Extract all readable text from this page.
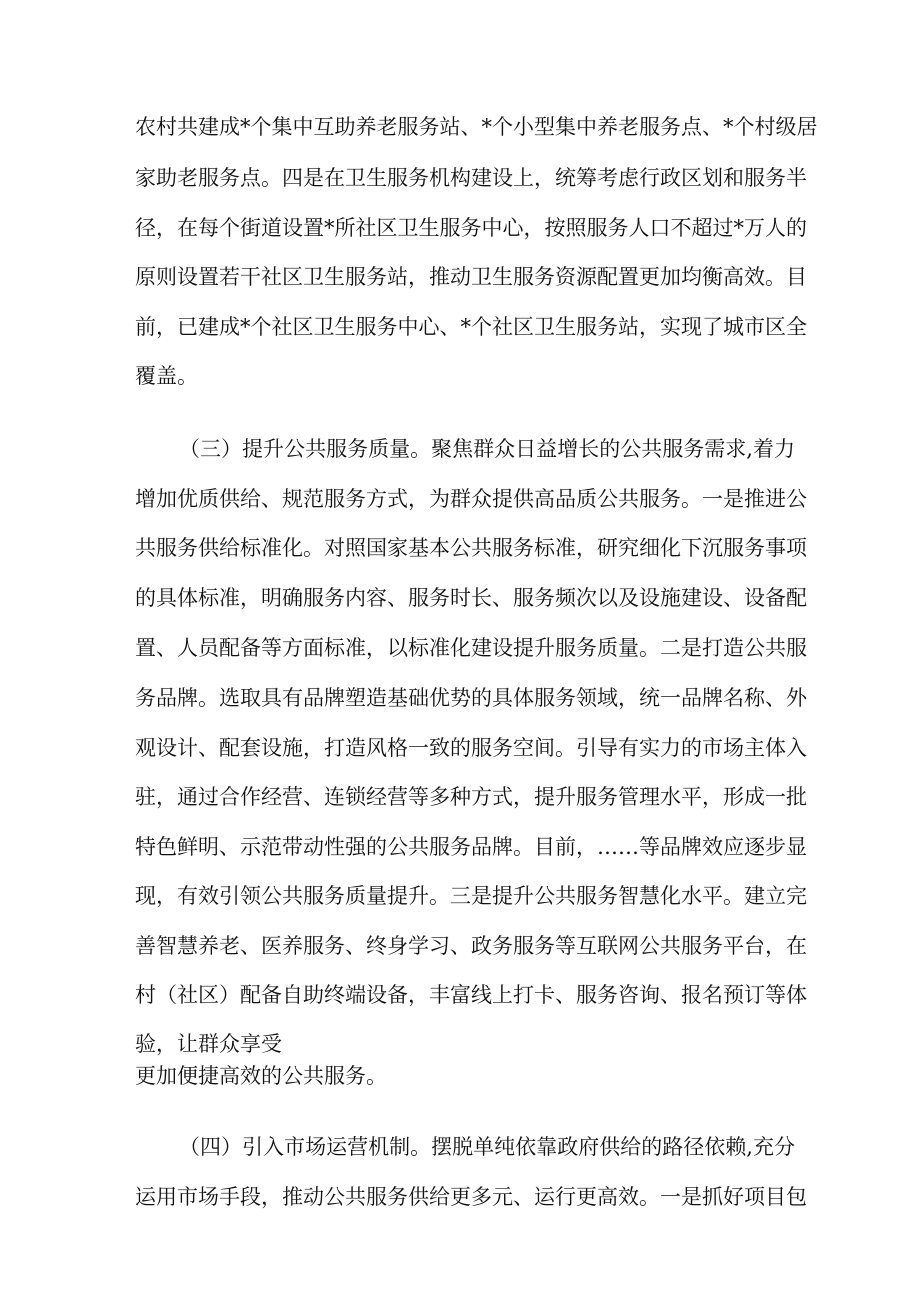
农村共建成*个集中互助养老服务站、*个小型集中养老服务点、*个村级居
家助老服务点。四是在卫生服务机构建设上，统筹考虑行政区划和服务半
径，在每个街道设置*所社区卫生服务中心，按照服务人口不超过*万人的
原则设置若干社区卫生服务站，推动卫生服务资源配置更加均衡高效。目
前，已建成*个社区卫生服务中心、*个社区卫生服务站，实现了城市区全
覆盖。
（三）提升公共服务质量。聚焦群众日益增长的公共服务需求,着力
增加优质供给、规范服务方式，为群众提供高品质公共服务。一是推进公
共服务供给标准化。对照国家基本公共服务标准，研究细化下沉服务事项
的具体标准，明确服务内容、服务时长、服务频次以及设施建设、设备配
置、人员配备等方面标准，以标准化建设提升服务质量。二是打造公共服
务品牌。选取具有品牌塑造基础优势的具体服务领域，统一品牌名称、外
观设计、配套设施，打造风格一致的服务空间。引导有实力的市场主体入
驻，通过合作经营、连锁经营等多种方式，提升服务管理水平，形成一批
特色鲜明、示范带动性强的公共服务品牌。目前，……等品牌效应逐步显
现，有效引领公共服务质量提升。三是提升公共服务智慧化水平。建立完
善智慧养老、医养服务、终身学习、政务服务等互联网公共服务平台，在
村（社区）配备自助终端设备，丰富线上打卡、服务咨询、报名预订等体
验，让群众享受
更加便捷高效的公共服务。
（四）引入市场运营机制。摆脱单纯依靠政府供给的路径依赖,充分
运用市场手段，推动公共服务供给更多元、运行更高效。一是抓好项目包
